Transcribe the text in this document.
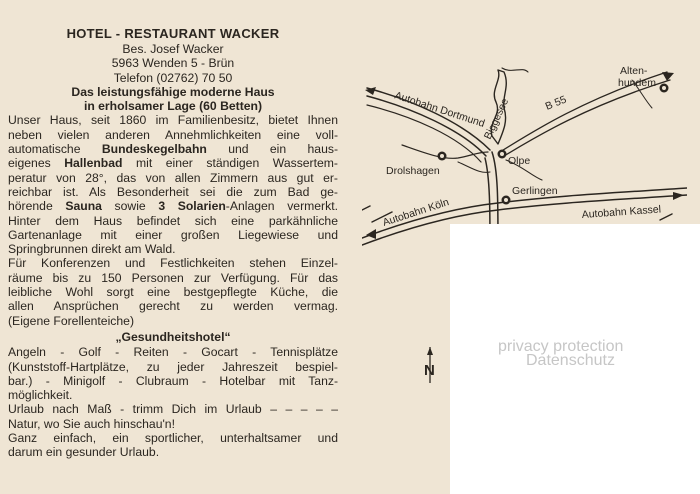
HOTEL - RESTAURANT WACKER
Bes. Josef Wacker
5963 Wenden 5 - Brün
Telefon (02762) 70 50
Das leistungsfähige moderne Haus
in erholsamer Lage (60 Betten)
Unser Haus, seit 1860 im Familienbesitz, bietet Ihnen
neben vielen anderen Annehmlichkeiten eine voll-
automatische Bundeskegelbahn und ein haus-
eigenes Hallenbad mit einer ständigen Wassertem-
peratur von 28°, das von allen Zimmern aus gut er-
reichbar ist. Als Besonderheit sei die zum Bad ge-
hörende Sauna sowie 3 Solarien-Anlagen vermerkt.
Hinter dem Haus befindet sich eine parkähnliche
Gartenanlage mit einer großen Liegewiese und
Springbrunnen direkt am Wald.
Für Konferenzen und Festlichkeiten stehen Einzel-
räume bis zu 150 Personen zur Verfügung. Für das
leibliche Wohl sorgt eine bestgepflegte Küche, die
allen Ansprüchen gerecht zu werden vermag.
(Eigene Forellenteiche)
„Gesundheitshotel“
Angeln - Golf - Reiten - Gocart - Tennisplätze
(Kunststoff-Hartplätze, zu jeder Jahreszeit bespiel-
bar.) - Minigolf - Clubraum - Hotelbar mit Tanz-
möglichkeit.
Urlaub nach Maß - trimm Dich im Urlaub – – – – –
Natur, wo Sie auch hinschau'n!
Ganz einfach, ein sportlicher, unterhaltsamer und
darum ein gesunder Urlaub.
Autobahn Dortmund
Biggesee	B 55
Alten-
hundem
Drolshagen
Olpe
Gerlingen
Autobahn Köln	Autobahn Kassel
N
privacy protection
Datenschutz
